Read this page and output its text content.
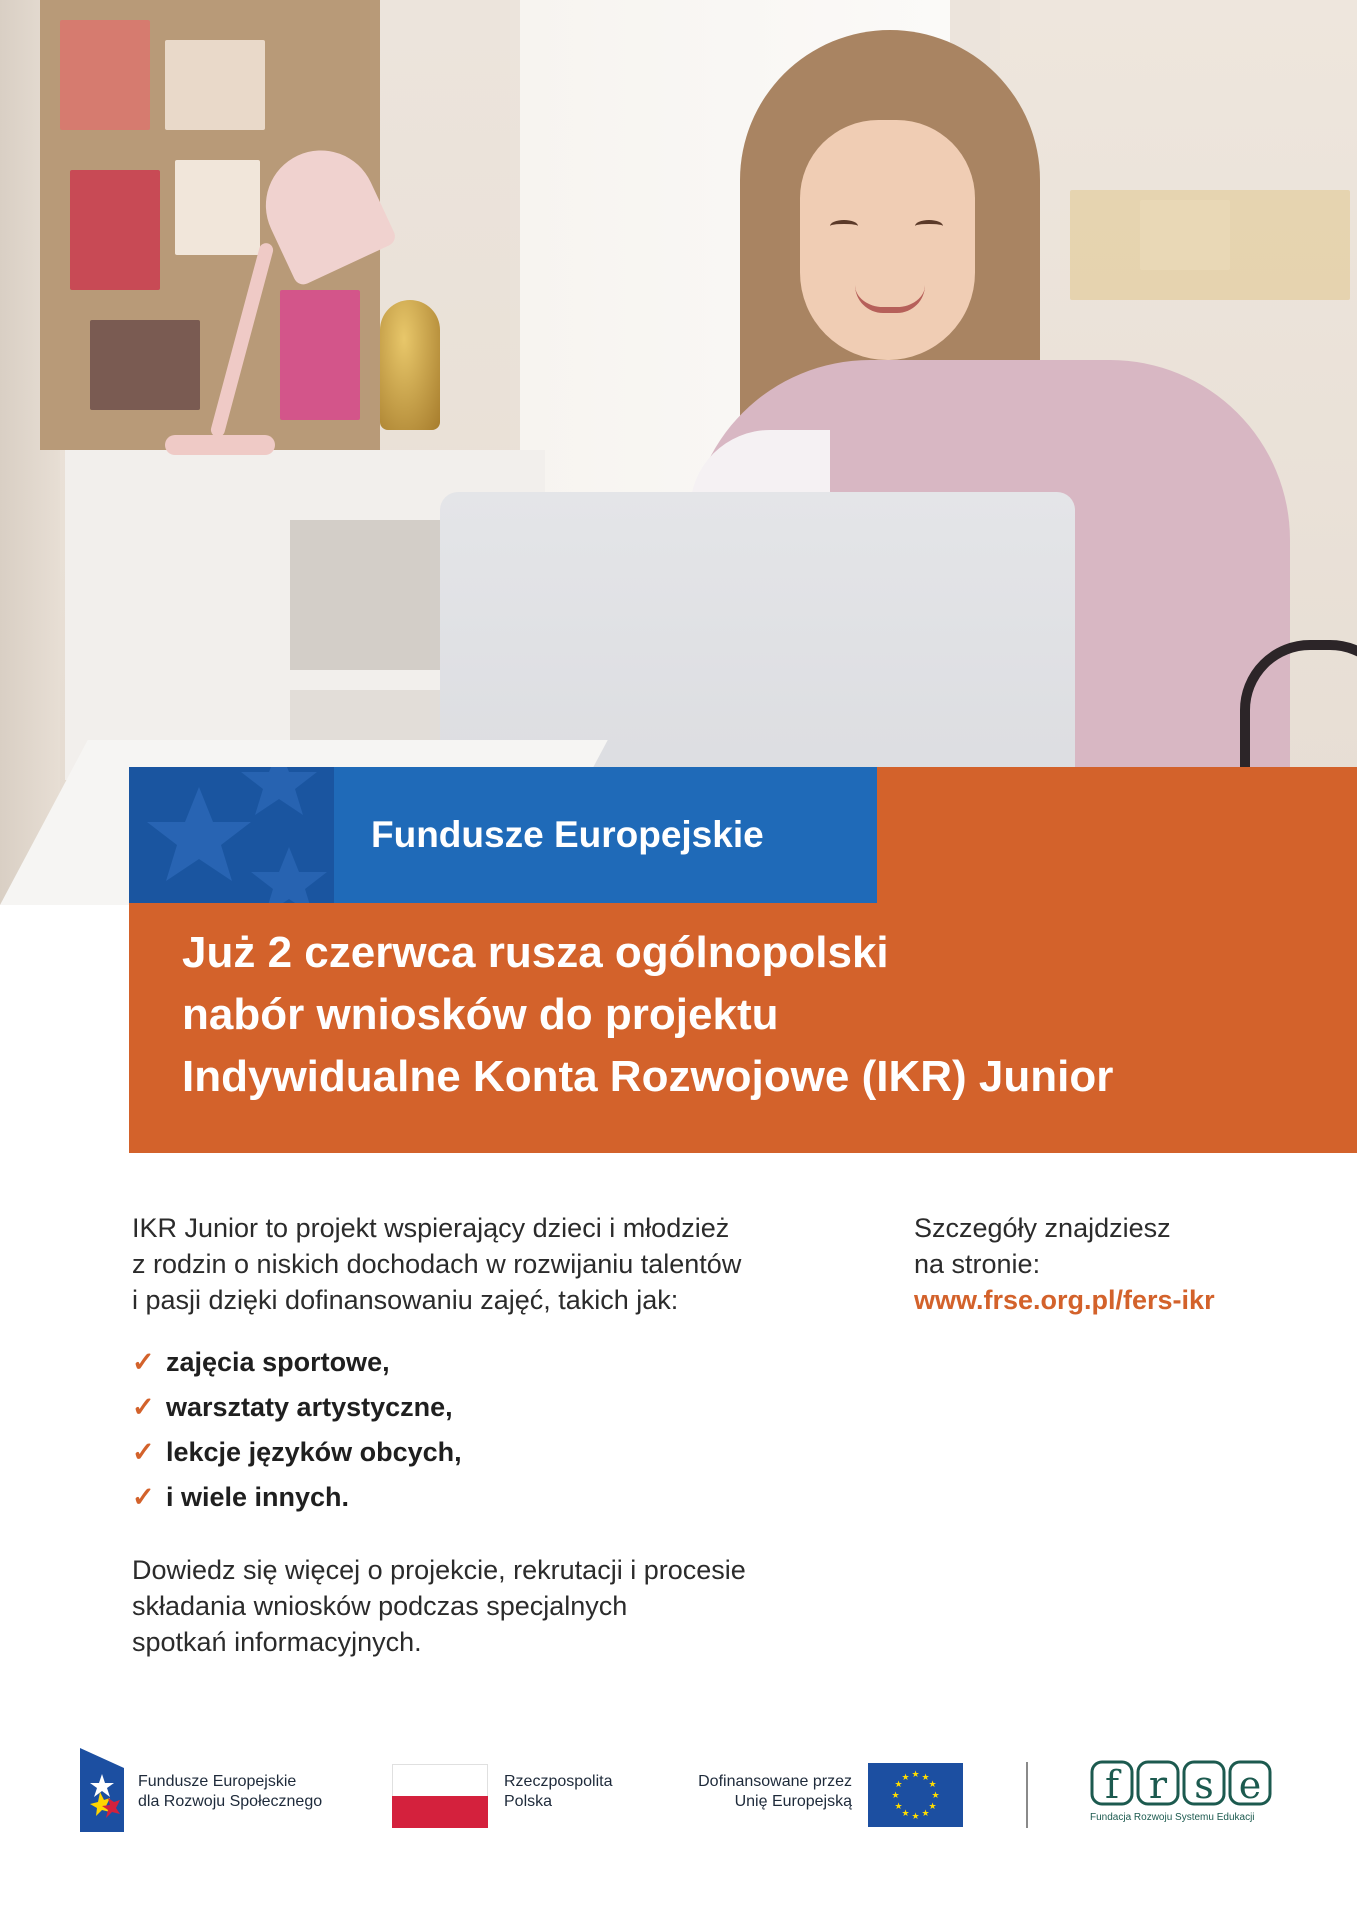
Fundusze Europejskie
Już 2 czerwca rusza ogólnopolski
nabór wniosków do projektu
Indywidualne Konta Rozwojowe (IKR) Junior

IKR Junior to projekt wspierający dzieci i młodzież
z rodzin o niskich dochodach w rozwijaniu talentów
i pasji dzięki dofinansowaniu zajęć, takich jak:

✓ zajęcia sportowe,
✓ warsztaty artystyczne,
✓ lekcje języków obcych,
✓ i wiele innych.

Dowiedz się więcej o projekcie, rekrutacji i procesie
składania wniosków podczas specjalnych
spotkań informacyjnych.

Szczegóły znajdziesz
na stronie:
www.frse.org.pl/fers-ikr

Fundusze Europejskie
dla Rozwoju Społecznego
Rzeczpospolita
Polska
Dofinansowane przez
Unię Europejską
★ ★
★
★
★
★
★
★
★
★
★
★	f r s e
Fundacja Rozwoju Systemu Edukacji
